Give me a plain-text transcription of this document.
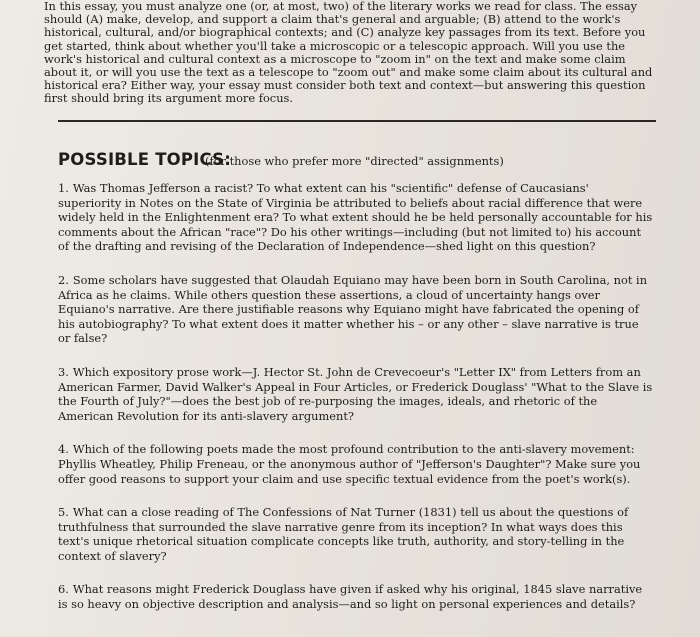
In this essay, you must analyze one (or, at most, two) of the literary works we read for class. The essay should (A) make, develop, and support a claim that's general and arguable; (B) attend to the work's historical, cultural, and/or biographical contexts; and (C) analyze key passages from its text. Before you get started, think about whether you'll take a microscopic or a telescopic approach. Will you use the work's historical and cultural context as a microscope to "zoom in" on the text and make some claim about it, or will you use the text as a telescope to "zoom out" and make some claim about its cultural and historical era? Either way, your essay must consider both text and context—but answering this question first should bring its argument more focus.

POSSIBLE TOPICS:
(for those who prefer more "directed" assignments)

1. Was Thomas Jefferson a racist? To what extent can his "scientific" defense of Caucasians' superiority in Notes on the State of Virginia be attributed to beliefs about racial difference that were widely held in the Enlightenment era? To what extent should he be held personally accountable for his comments about the African "race"? Do his other writings—including (but not limited to) his account of the drafting and revising of the Declaration of Independence—shed light on this question?

2. Some scholars have suggested that Olaudah Equiano may have been born in South Carolina, not in Africa as he claims. While others question these assertions, a cloud of uncertainty hangs over Equiano's narrative. Are there justifiable reasons why Equiano might have fabricated the opening of his autobiography? To what extent does it matter whether his – or any other – slave narrative is true or false?

3. Which expository prose work—J. Hector St. John de Crevecoeur's "Letter IX" from Letters from an American Farmer, David Walker's Appeal in Four Articles, or Frederick Douglass' "What to the Slave is the Fourth of July?"—does the best job of re-purposing the images, ideals, and rhetoric of the American Revolution for its anti-slavery argument?

4. Which of the following poets made the most profound contribution to the anti-slavery movement: Phyllis Wheatley, Philip Freneau, or the anonymous author of "Jefferson's Daughter"? Make sure you offer good reasons to support your claim and use specific textual evidence from the poet's work(s).

5. What can a close reading of The Confessions of Nat Turner (1831) tell us about the questions of truthfulness that surrounded the slave narrative genre from its inception? In what ways does this text's unique rhetorical situation complicate concepts like truth, authority, and story-telling in the context of slavery?

6. What reasons might Frederick Douglass have given if asked why his original, 1845 slave narrative is so heavy on objective description and analysis—and so light on personal experiences and details?
